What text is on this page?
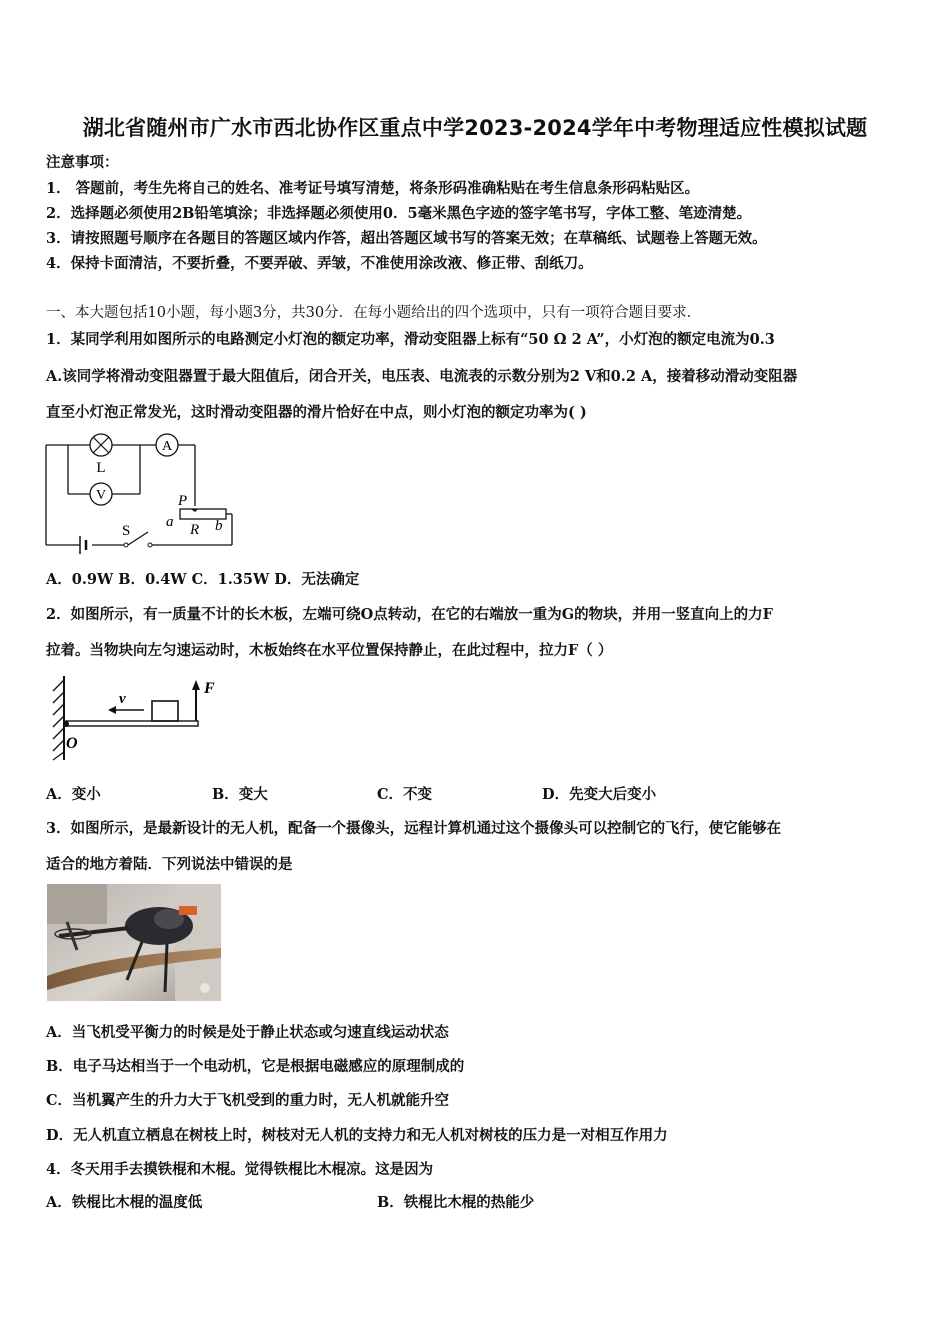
湖北省随州市广水市西北协作区重点中学2023-2024学年中考物理适应性模拟试题
注意事项：
1． 答题前，考生先将自己的姓名、准考证号填写清楚，将条形码准确粘贴在考生信息条形码粘贴区。
2．选择题必须使用2B铅笔填涂；非选择题必须使用0．5毫米黑色字迹的签字笔书写，字体工整、笔迹清楚。
3．请按照题号顺序在各题目的答题区域内作答，超出答题区域书写的答案无效；在草稿纸、试题卷上答题无效。
4．保持卡面清洁，不要折叠，不要弄破、弄皱，不准使用涂改液、修正带、刮纸刀。
一、本大题包括10小题，每小题3分，共30分．在每小题给出的四个选项中，只有一项符合题目要求．
1．某同学利用如图所示的电路测定小灯泡的额定功率，滑动变阻器上标有“50 Ω 2 A”，小灯泡的额定电流为0.3
A.该同学将滑动变阻器置于最大阻值后，闭合开关，电压表、电流表的示数分别为2 V和0.2 A，接着移动滑动变阻器
直至小灯泡正常发光，这时滑动变阻器的滑片恰好在中点，则小灯泡的额定功率为( )
A
V
L
P
a R b
S
A．0.9W B．0.4W C．1.35W D．无法确定
2．如图所示，有一质量不计的长木板，左端可绕O点转动，在它的右端放一重为G的物块，并用一竖直向上的力F
拉着。当物块向左匀速运动时，木板始终在水平位置保持静止，在此过程中，拉力F（ ）
v
F
O
A．变小	B．变大	C．不变	D．先变大后变小
3．如图所示，是最新设计的无人机，配备一个摄像头，远程计算机通过这个摄像头可以控制它的飞行，使它能够在
适合的地方着陆．下列说法中错误的是
A．当飞机受平衡力的时候是处于静止状态或匀速直线运动状态
B．电子马达相当于一个电动机，它是根据电磁感应的原理制成的
C．当机翼产生的升力大于飞机受到的重力时，无人机就能升空
D．无人机直立栖息在树枝上时，树枝对无人机的支持力和无人机对树枝的压力是一对相互作用力
4．冬天用手去摸铁棍和木棍。觉得铁棍比木棍凉。这是因为
A．铁棍比木棍的温度低	B．铁棍比木棍的热能少
